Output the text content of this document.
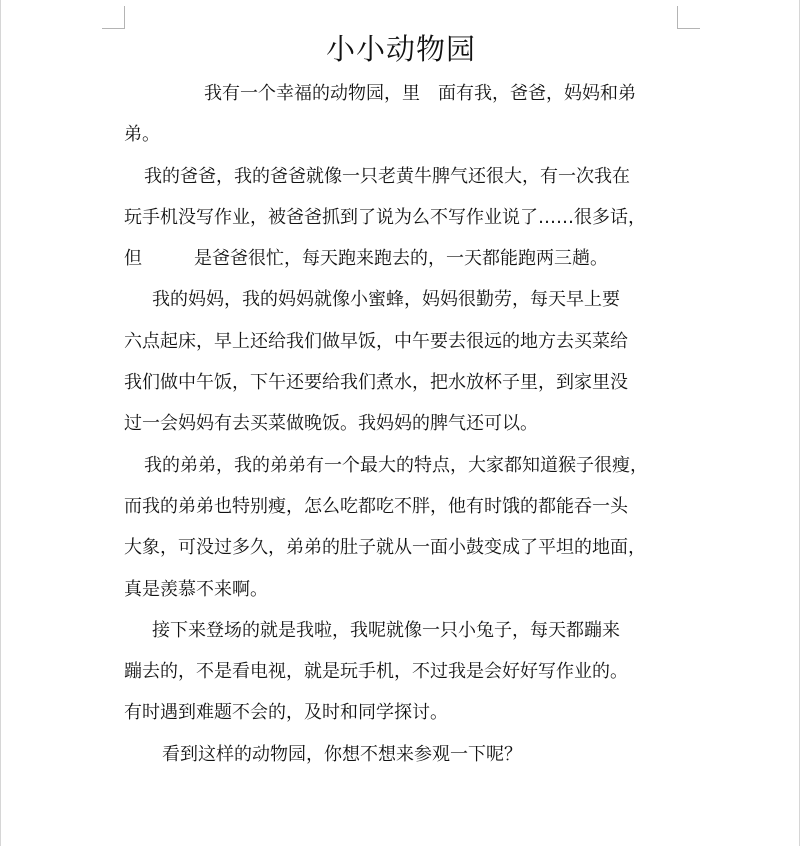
小小动物园

我有一个幸福的动物园，里 面有我，爸爸，妈妈和弟

弟。

我的爸爸，我的爸爸就像一只老黄牛脾气还很大，有一次我在

玩手机没写作业，被爸爸抓到了说为么不写作业说了……很多话，

但	是爸爸很忙，每天跑来跑去的，一天都能跑两三趟。

我的妈妈，我的妈妈就像小蜜蜂，妈妈很勤劳，每天早上要

六点起床，早上还给我们做早饭，中午要去很远的地方去买菜给

我们做中午饭，下午还要给我们煮水，把水放杯子里，到家里没

过一会妈妈有去买菜做晚饭。我妈妈的脾气还可以。

我的弟弟，我的弟弟有一个最大的特点，大家都知道猴子很瘦，

而我的弟弟也特别瘦，怎么吃都吃不胖，他有时饿的都能吞一头

大象，可没过多久，弟弟的肚子就从一面小鼓变成了平坦的地面，

真是羡慕不来啊。

接下来登场的就是我啦，我呢就像一只小兔子，每天都蹦来

蹦去的，不是看电视，就是玩手机，不过我是会好好写作业的。

有时遇到难题不会的，及时和同学探讨。

看到这样的动物园，你想不想来参观一下呢？
